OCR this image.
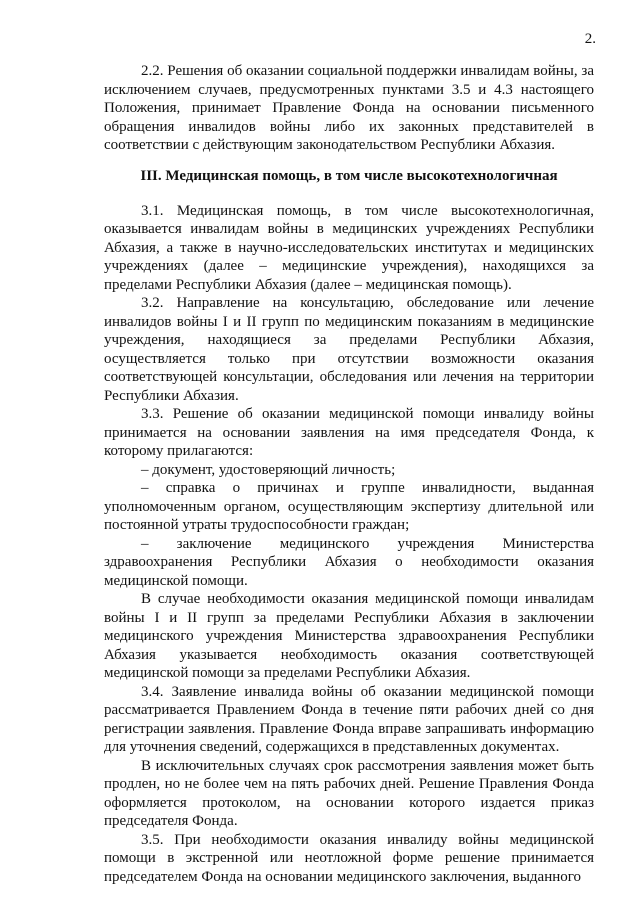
2.

2.2. Решения об оказании социальной поддержки инвалидам войны, за исключением случаев, предусмотренных пунктами 3.5 и 4.3 настоящего Положения, принимает Правление Фонда на основании письменного обращения инвалидов войны либо их законных представителей в соответствии с действующим законодательством Республики Абхазия.

III. Медицинская помощь, в том числе высокотехнологичная

3.1. Медицинская помощь, в том числе высокотехнологичная, оказывается инвалидам войны в медицинских учреждениях Республики Абхазия, а также в научно-исследовательских институтах и медицинских учреждениях (далее – медицинские учреждения), находящихся за пределами Республики Абхазия (далее – медицинская помощь).

3.2. Направление на консультацию, обследование или лечение инвалидов войны I и II групп по медицинским показаниям в медицинские учреждения, находящиеся за пределами Республики Абхазия, осуществляется только при отсутствии возможности оказания соответствующей консультации, обследования или лечения на территории Республики Абхазия.

3.3. Решение об оказании медицинской помощи инвалиду войны принимается на основании заявления на имя председателя Фонда, к которому прилагаются:

– документ, удостоверяющий личность;

– справка о причинах и группе инвалидности, выданная уполномоченным органом, осуществляющим экспертизу длительной или постоянной утраты трудоспособности граждан;

– заключение медицинского учреждения Министерства здравоохранения Республики Абхазия о необходимости оказания медицинской помощи.

В случае необходимости оказания медицинской помощи инвалидам войны I и II групп за пределами Республики Абхазия в заключении медицинского учреждения Министерства здравоохранения Республики Абхазия указывается необходимость оказания соответствующей медицинской помощи за пределами Республики Абхазия.

3.4. Заявление инвалида войны об оказании медицинской помощи рассматривается Правлением Фонда в течение пяти рабочих дней со дня регистрации заявления. Правление Фонда вправе запрашивать информацию для уточнения сведений, содержащихся в представленных документах.

В исключительных случаях срок рассмотрения заявления может быть продлен, но не более чем на пять рабочих дней. Решение Правления Фонда оформляется протоколом, на основании которого издается приказ председателя Фонда.

3.5. При необходимости оказания инвалиду войны медицинской помощи в экстренной или неотложной форме решение принимается председателем Фонда на основании медицинского заключения, выданного
